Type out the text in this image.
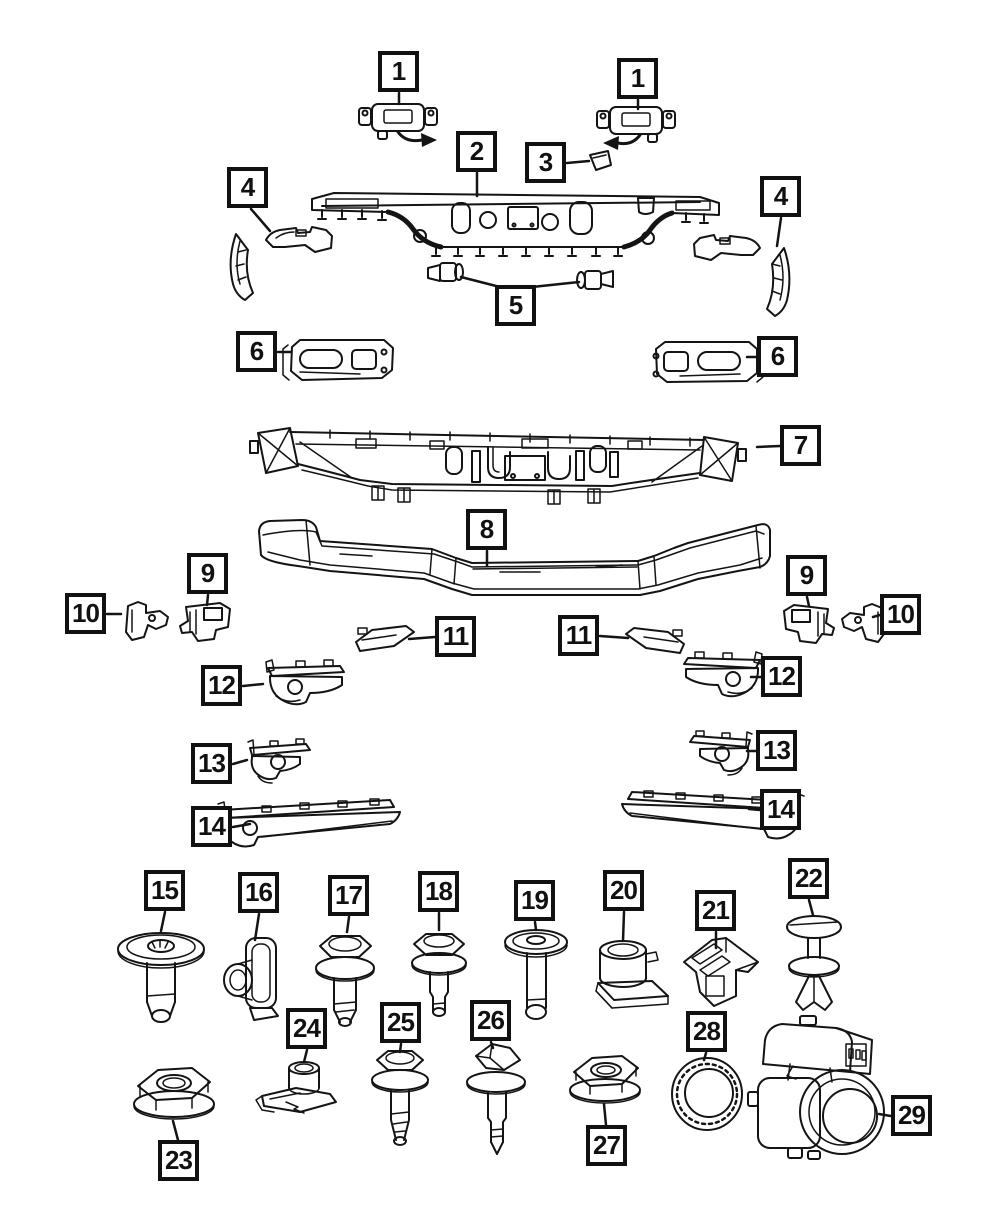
1	1
2	3
4	4
5
6	6
7
8
9	9
10	10
11	11
12	12
13	13
14
14
15	16 17 18	19 20
21
22
23
24	25 26
27
28
29
